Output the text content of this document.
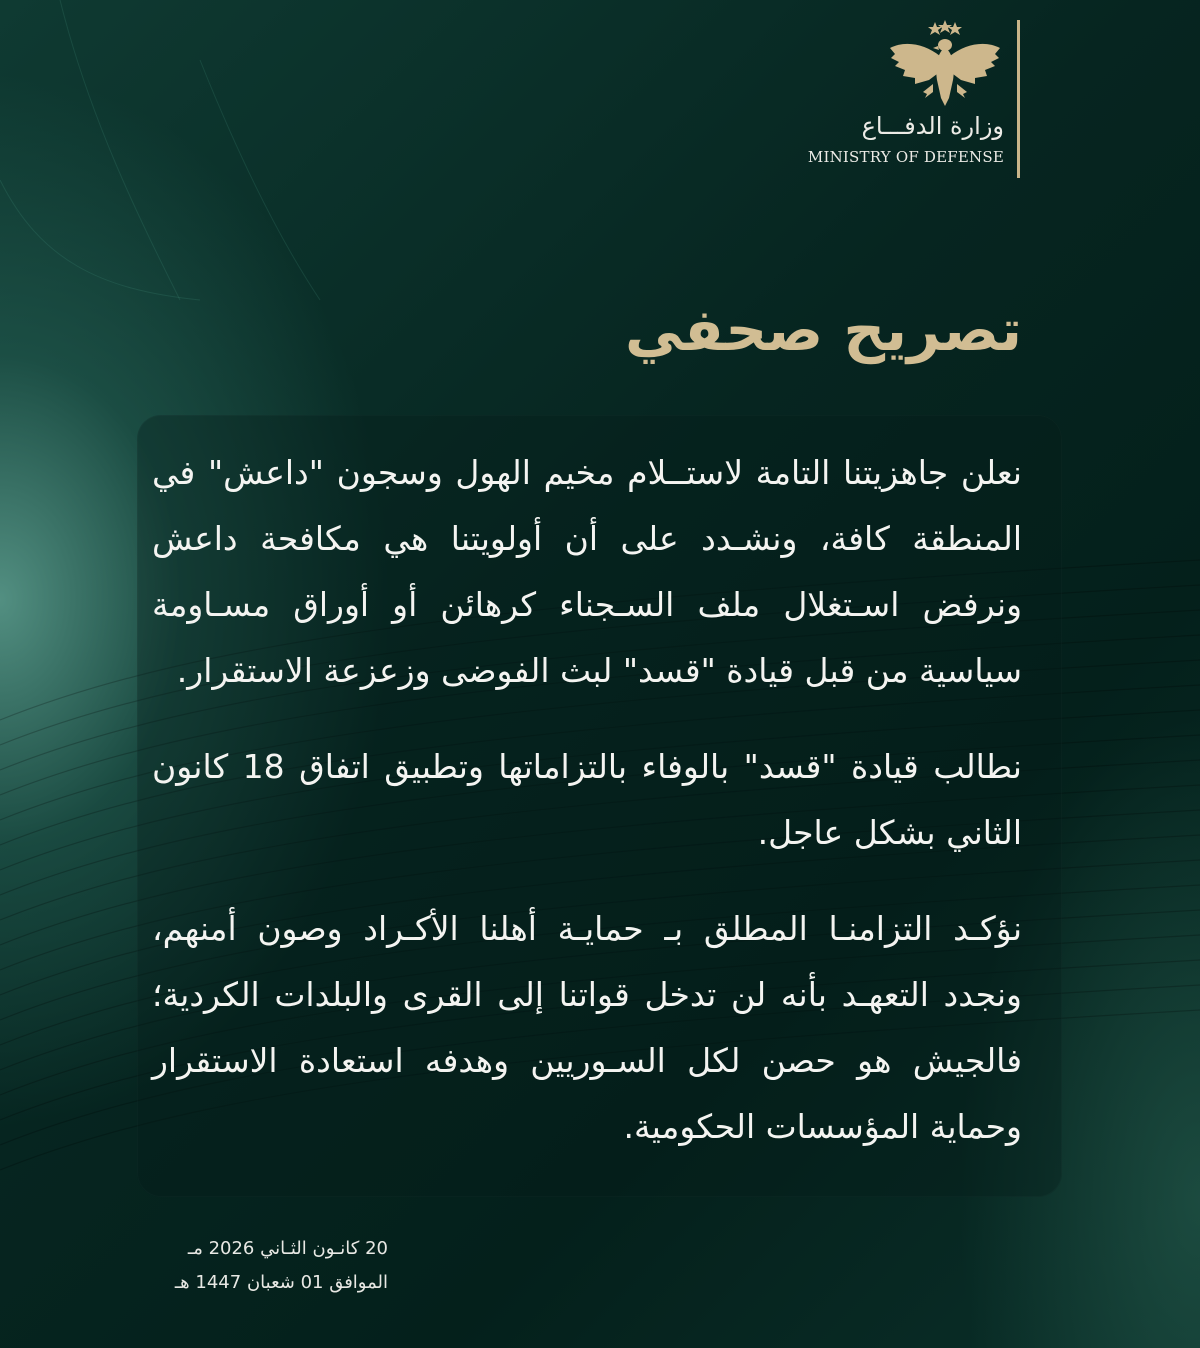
وزارة الدفـــاع
MINISTRY OF DEFENSE
تصريح صحفي

نعلن جاهزيتنا التامة لاستــلام مخيم الهول وسجون "داعش" في المنطقة كافة، ونشـدد على أن أولويتنا هي مكافحة داعش ونرفض اسـتغلال ملف السـجناء كرهائن أو أوراق مسـاومة سياسية من قبل قيادة "قسد" لبث الفوضى وزعزعة الاستقرار.

نطالب قيادة "قسد" بالوفاء بالتزاماتها وتطبيق اتفاق 18 كانون الثاني بشكل عاجل.

نؤكـد التزامنـا المطلق بـ حمايـة أهلنا الأكـراد وصون أمنهم، ونجدد التعهـد بأنه لن تدخل قواتنا إلى القرى والبلدات الكردية؛ فالجيش هو حصن لكل السـوريين وهدفه استعادة الاستقرار وحماية المؤسسات الحكومية.

20 كانـون الثـاني 2026 مـ
الموافق 01 شعبان 1447 هـ
